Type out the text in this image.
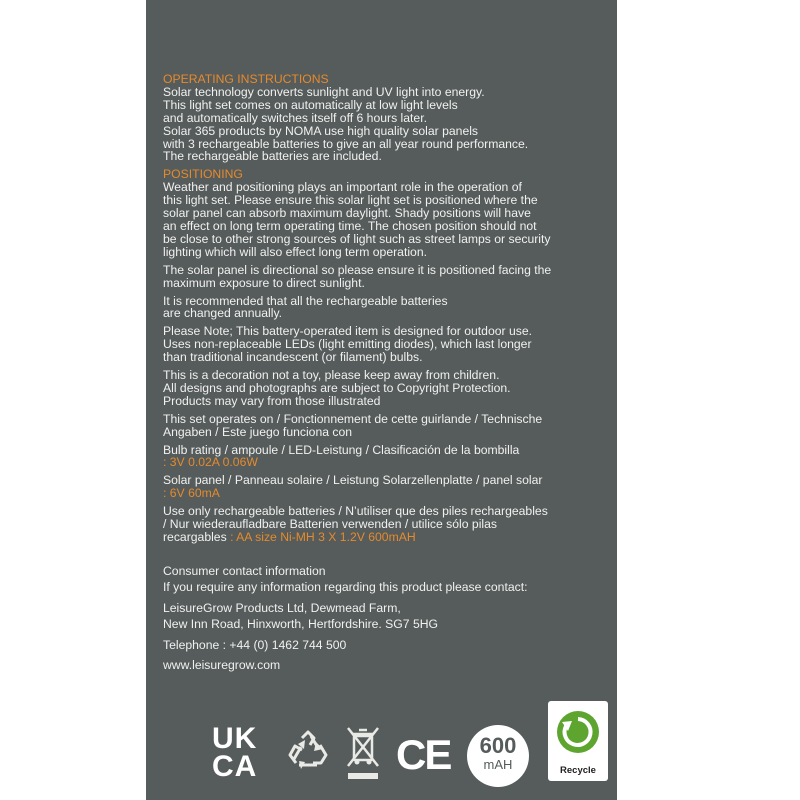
OPERATING INSTRUCTIONS

Solar technology converts sunlight and UV light into energy.
This light set comes on automatically at low light levels
and automatically switches itself off 6 hours later.
Solar 365 products by NOMA use high quality solar panels
with 3 rechargeable batteries to give an all year round performance.
The rechargeable batteries are included.

POSITIONING

Weather and positioning plays an important role in the operation of
this light set. Please ensure this solar light set is positioned where the
solar panel can absorb maximum daylight. Shady positions will have
an effect on long term operating time. The chosen position should not
be close to other strong sources of light such as street lamps or security
lighting which will also effect long term operation.

The solar panel is directional so please ensure it is positioned facing the
maximum exposure to direct sunlight.

It is recommended that all the rechargeable batteries
are changed annually.

Please Note; This battery-operated item is designed for outdoor use.
Uses non-replaceable LEDs (light emitting diodes), which last longer
than traditional incandescent (or filament) bulbs.

This is a decoration not a toy, please keep away from children.
All designs and photographs are subject to Copyright Protection.
Products may vary from those illustrated

This set operates on / Fonctionnement de cette guirlande / Technische
Angaben / Este juego funciona con

Bulb rating / ampoule / LED-Leistung / Clasificación de la bombilla
: 3V 0.02A 0.06W

Solar panel / Panneau solaire / Leistung Solarzellenplatte / panel solar
: 6V 60mA

Use only rechargeable batteries / N’utiliser que des piles rechargeables
/ Nur wiederaufladbare Batterien verwenden / utilice sólo pilas
recargables : AA size Ni-MH 3 X 1.2V 600mAH

Consumer contact information
If you require any information regarding this product please contact:
LeisureGrow Products Ltd, Dewmead Farm,
New Inn Road, Hinxworth, Hertfordshire. SG7 5HG
Telephone : +44 (0) 1462 744 500
www.leisuregrow.com

UK
CA	CE	600
mAH	Recycle
